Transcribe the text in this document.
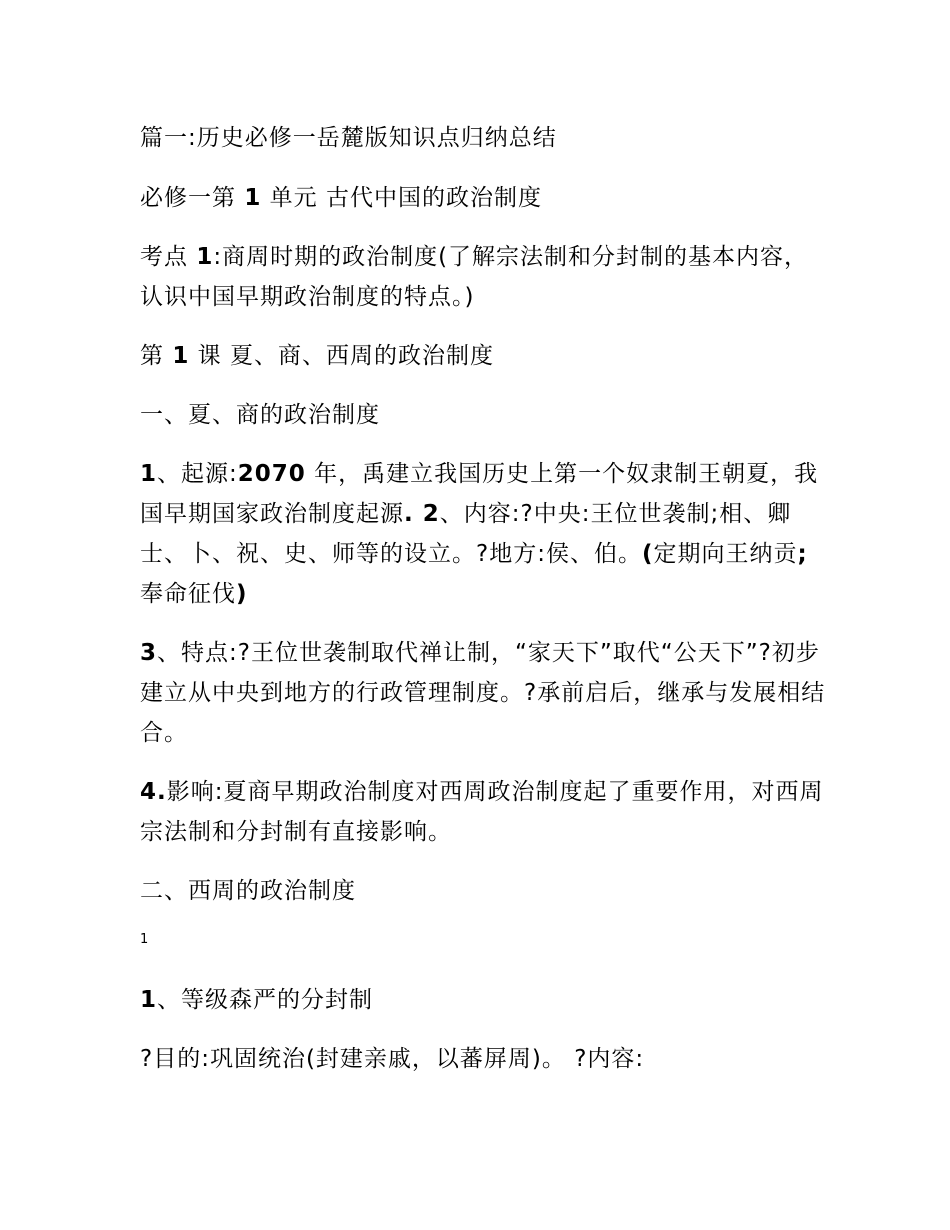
篇一:历史必修一岳麓版知识点归纳总结
必修一第 1 单元 古代中国的政治制度
考点 1:商周时期的政治制度(了解宗法制和分封制的基本内容，认识中国早期政治制度的特点。)
第 1 课 夏、商、西周的政治制度
一、夏、商的政治制度
1、起源:2070 年，禹建立我国历史上第一个奴隶制王朝夏，我国早期国家政治制度起源. 2、内容:?中央:王位世袭制;相、卿士、卜、祝、史、师等的设立。?地方:侯、伯。(定期向王纳贡;奉命征伐)
3、特点:?王位世袭制取代禅让制，“家天下”取代“公天下”?初步建立从中央到地方的行政管理制度。?承前启后，继承与发展相结合。
4.影响:夏商早期政治制度对西周政治制度起了重要作用，对西周宗法制和分封制有直接影响。
二、西周的政治制度
1
1、等级森严的分封制
?目的:巩固统治(封建亲戚，以蕃屏周)。 ?内容:
